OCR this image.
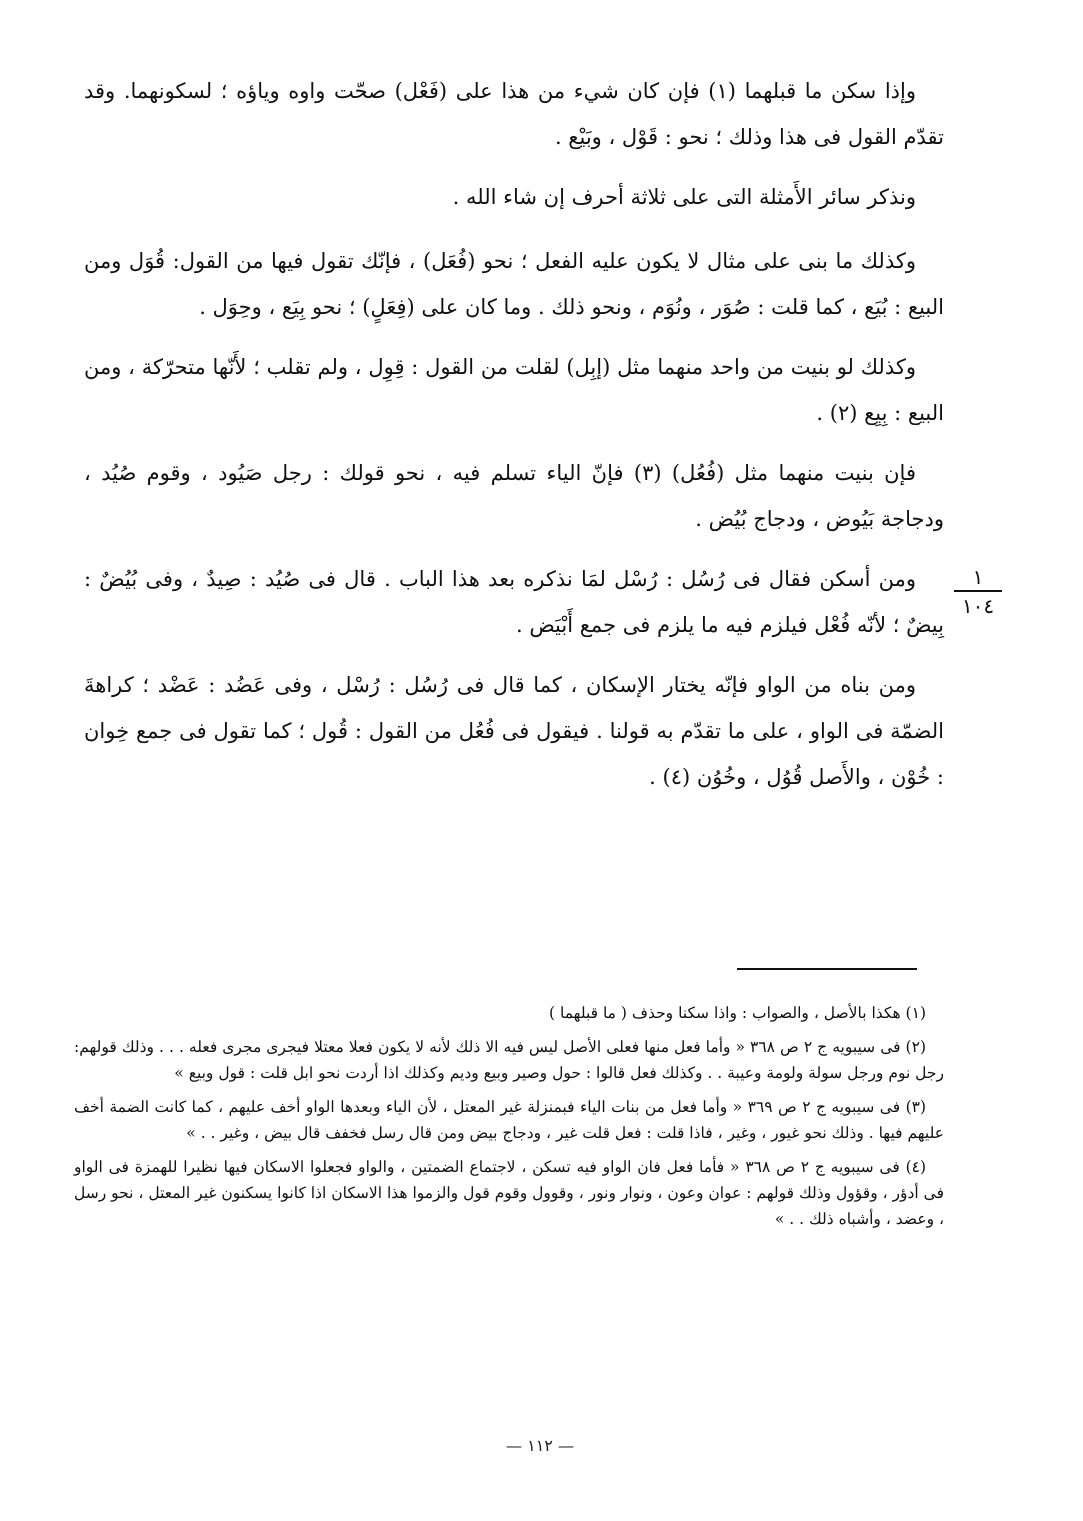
وإذا سكن ما قبلهما (١) فإن كان شيء من هذا على (فَعْل) صحّت واوه وياؤه ؛ لسكونهما. وقد تقدّم القول فى هذا وذلك ؛ نحو : قَوْل ، وبَيْع .

ونذكر سائر الأَمثلة التى على ثلاثة أحرف إن شاء الله .

وكذلك ما بنى على مثال لا يكون عليه الفعل ؛ نحو (فُعَل) ، فإنّك تقول فيها من القول: قُوَل ومن البيع : بُيَع ، كما قلت : صُوَر ، ونُوَم ، ونحو ذلك . وما كان على (فِعَلٍ) ؛ نحو بِيَع ، وحِوَل .

وكذلك لو بنيت من واحد منهما مثل (إبِل) لقلت من القول : قِوِل ، ولم تقلب ؛ لأَنّها متحرّكة ، ومن البيع : بِيِع (٢) .

فإن بنيت منهما مثل (فُعُل) (٣) فإنّ الياء تسلم فيه ، نحو قولك : رجل صَيُود ، وقوم صُيُد ، ودجاجة بَيُوض ، ودجاج بُيُض .

ومن أسكن فقال فى رُسُل : رُسْل لمَا نذكره بعد هذا الباب . قال فى صُيُد : صِيدٌ ، وفى بُيُضٌ : بِيضٌ ؛ لأنّه فُعْل فيلزم فيه ما يلزم فى جمع أَبْيَض .

ومن بناه من الواو فإنّه يختار الإسكان ، كما قال فى رُسُل : رُسْل ، وفى عَضُد : عَضْد ؛ كراهةَ الضمّة فى الواو ، على ما تقدّم به قولنا . فيقول فى فُعُل من القول : قُول ؛ كما تقول فى جمع خِوان : خُوْن ، والأَصل قُوُل ، وخُوُن (٤) .

١
١٠٤

(١) هكذا بالأصل ، والصواب : واذا سكنا وحذف ( ما قبلهما )

(٢) فى سيبويه ج ٢ ص ٣٦٨ « وأما فعل منها فعلى الأصل ليس فيه الا ذلك لأنه لا يكون فعلا معتلا فيجرى مجرى فعله . . . وذلك قولهم: رجل نوم ورجل سولة ولومة وعيبة . . وكذلك فعل قالوا : حول وصير وبيع وديم وكذلك اذا أردت نحو ابل قلت : قول وبيع »

(٣) فى سيبويه ج ٢ ص ٣٦٩ « وأما فعل من بنات الياء فبمنزلة غير المعتل ، لأن الياء وبعدها الواو أخف عليهم ، كما كانت الضمة أخف عليهم فيها . وذلك نحو غيور ، وغير ، فاذا قلت : فعل قلت غير ، ودجاج بيض ومن قال رسل فخفف قال بيض ، وغير . . »

(٤) فى سيبويه ج ٢ ص ٣٦٨ « فأما فعل فان الواو فيه تسكن ، لاجتماع الضمتين ، والواو فجعلوا الاسكان فيها نظيرا للهمزة فى الواو فى أدؤر ، وقؤول وذلك قولهم : عوان وعون ، ونوار ونور ، وقوول وقوم قول والزموا هذا الاسكان اذا كانوا يسكنون غير المعتل ، نحو رسل ، وعضد ، وأشباه ذلك . . »

— ١١٢ —
